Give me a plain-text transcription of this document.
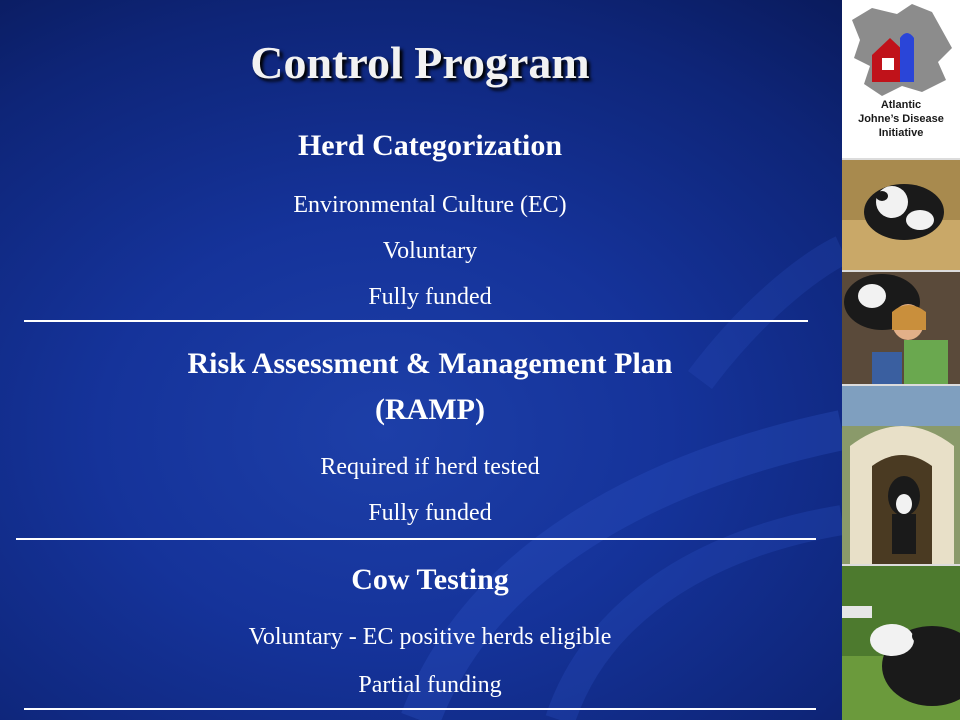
Control Program
Herd Categorization
Environmental Culture (EC)
Voluntary
Fully funded
Risk Assessment & Management Plan
(RAMP)
Required if herd tested
Fully funded
Cow Testing
Voluntary - EC positive herds eligible
Partial funding
Atlantic
Johne’s Disease
Initiative
